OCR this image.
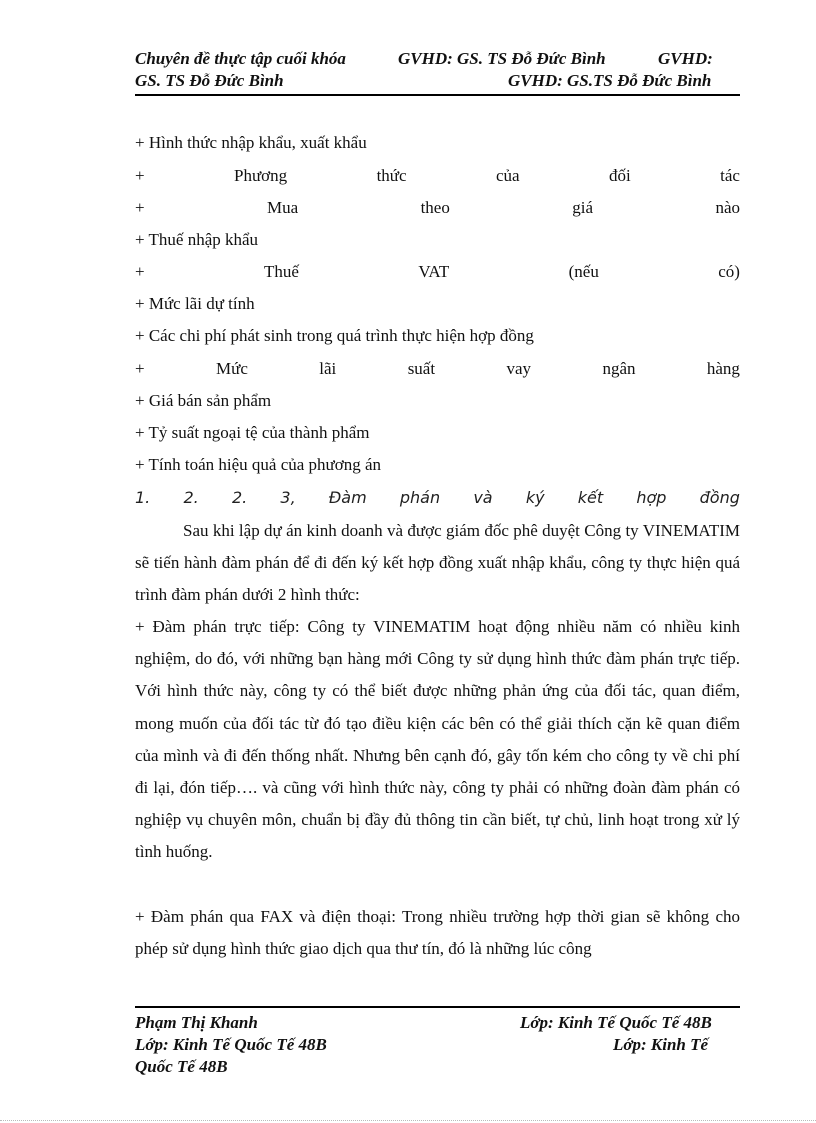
Chuyên đề thực tập cuối khóa	GVHD: GS. TS Đỗ Đức Bình	GVHD:
GS. TS Đỗ Đức Bình	GVHD: GS.TS Đỗ Đức Bình
+ Hình thức nhập khẩu, xuất khẩu
+	Phương	thức	của	đối	tác
+	Mua	theo	giá	nào
+ Thuế nhập khẩu
+	Thuế	VAT	(nếu	có)
+ Mức lãi dự tính
+ Các chi phí phát sinh trong quá trình thực hiện hợp đồng
+	Mức	lãi	suất	vay	ngân	hàng
+ Giá bán sản phẩm
+ Tỷ suất ngoại tệ của thành phẩm
+ Tính toán hiệu quả của phương án
1. 2. 2. 3, Đàm phán và ký kết hợp đồng

Sau khi lập dự án kinh doanh và được giám đốc phê duyệt Công ty VINEMATIM sẽ tiến hành đàm phán để đi đến ký kết hợp đồng xuất nhập khẩu, công ty thực hiện quá trình đàm phán dưới 2 hình thức:

+ Đàm phán trực tiếp: Công ty VINEMATIM hoạt động nhiều năm có nhiều kinh nghiệm, do đó, với những bạn hàng mới Công ty sử dụng hình thức đàm phán trực tiếp. Với hình thức này, công ty có thể biết được những phản ứng của đối tác, quan điểm, mong muốn của đối tác từ đó tạo điều kiện các bên có thể giải thích cặn kẽ quan điểm của mình và đi đến thống nhất. Nhưng bên cạnh đó, gây tốn kém cho công ty về chi phí đi lại, đón tiếp…. và cũng với hình thức này, công ty phải có những đoàn đàm phán có nghiệp vụ chuyên môn, chuẩn bị đầy đủ thông tin cần biết, tự chủ, linh hoạt trong xử lý tình huống.

+ Đàm phán qua FAX và điện thoại: Trong nhiều trường hợp thời gian sẽ không cho phép sử dụng hình thức giao dịch qua thư tín, đó là những lúc công

Phạm Thị Khanh	Lớp: Kinh Tế Quốc Tế 48B
Lớp: Kinh Tế Quốc Tế 48B	Lớp: Kinh Tế
Quốc Tế 48B
